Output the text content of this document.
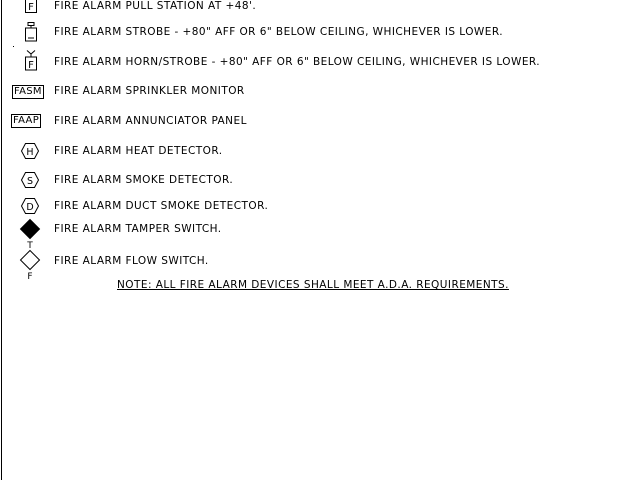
F FIRE ALARM PULL STATION AT +48'.
FIRE ALARM STROBE - +80" AFF OR 6" BELOW CEILING, WHICHEVER IS LOWER.
F FIRE ALARM HORN/STROBE - +80" AFF OR 6" BELOW CEILING, WHICHEVER IS LOWER.
FASM FIRE ALARM SPRINKLER MONITOR
FAAP FIRE ALARM ANNUNCIATOR PANEL
H FIRE ALARM HEAT DETECTOR.
S FIRE ALARM SMOKE DETECTOR.
D FIRE ALARM DUCT SMOKE DETECTOR.
T
FIRE ALARM TAMPER SWITCH.
F
FIRE ALARM FLOW SWITCH.
NOTE: ALL FIRE ALARM DEVICES SHALL MEET A.D.A. REQUIREMENTS.
